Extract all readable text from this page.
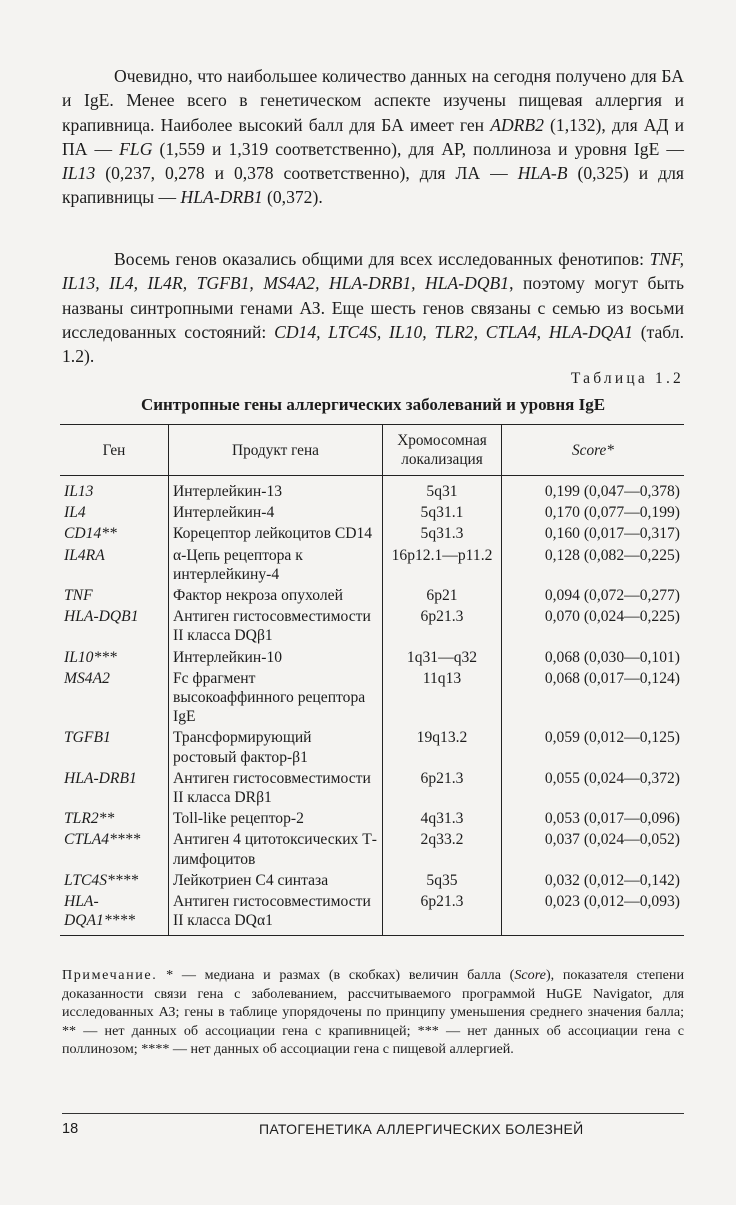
Очевидно, что наибольшее количество данных на сегодня получено для БА и IgE. Менее всего в генетическом аспекте изучены пищевая аллергия и крапивница. Наиболее высокий балл для БА имеет ген ADRB2 (1,132), для АД и ПА — FLG (1,559 и 1,319 соответственно), для АР, поллиноза и уровня IgE — IL13 (0,237, 0,278 и 0,378 соответственно), для ЛА — HLA-B (0,325) и для крапивницы — HLA-DRB1 (0,372).

Восемь генов оказались общими для всех исследованных фенотипов: TNF, IL13, IL4, IL4R, TGFB1, MS4A2, HLA-DRB1, HLA-DQB1, поэтому могут быть названы синтропными генами АЗ. Еще шесть генов связаны с семью из восьми исследованных состояний: CD14, LTC4S, IL10, TLR2, CTLA4, HLA-DQA1 (табл. 1.2).

Таблица 1.2
Синтропные гены аллергических заболеваний и уровня IgE
Ген	Продукт гена	Хромосомная локализация	Score*
IL13	Интерлейкин-13	5q31	0,199 (0,047—0,378)
IL4	Интерлейкин-4	5q31.1	0,170 (0,077—0,199)
CD14**	Корецептор лейкоцитов CD14	5q31.3	0,160 (0,017—0,317)
IL4RA	α-Цепь рецептора к интерлейкину-4	16p12.1—p11.2	0,128 (0,082—0,225)
TNF	Фактор некроза опухолей	6p21	0,094 (0,072—0,277)
HLA-DQB1	Антиген гистосовместимости II класса DQβ1	6p21.3	0,070 (0,024—0,225)
IL10***	Интерлейкин-10	1q31—q32	0,068 (0,030—0,101)
MS4A2	Fc фрагмент высокоаффинного рецептора IgE	11q13	0,068 (0,017—0,124)
TGFB1	Трансформирующий ростовый фактор-β1	19q13.2	0,059 (0,012—0,125)
HLA-DRB1	Антиген гистосовместимости II класса DRβ1	6p21.3	0,055 (0,024—0,372)
TLR2**	Toll-like рецептор-2	4q31.3	0,053 (0,017—0,096)
CTLA4****	Антиген 4 цитотоксических Т-лимфоцитов	2q33.2	0,037 (0,024—0,052)
LTC4S****	Лейкотриен С4 синтаза	5q35	0,032 (0,012—0,142)
HLA-DQA1****	Антиген гистосовместимости II класса DQα1	6p21.3	0,023 (0,012—0,093)

Примечание. * — медиана и размах (в скобках) величин балла (Score), показателя степени доказанности связи гена с заболеванием, рассчитываемого программой HuGE Navigator, для исследованных АЗ; гены в таблице упорядочены по принципу уменьшения среднего значения балла; ** — нет данных об ассоциации гена с крапивницей; *** — нет данных об ассоциации гена с поллинозом; **** — нет данных об ассоциации гена с пищевой аллергией.

18	ПАТОГЕНЕТИКА АЛЛЕРГИЧЕСКИХ БОЛЕЗНЕЙ
